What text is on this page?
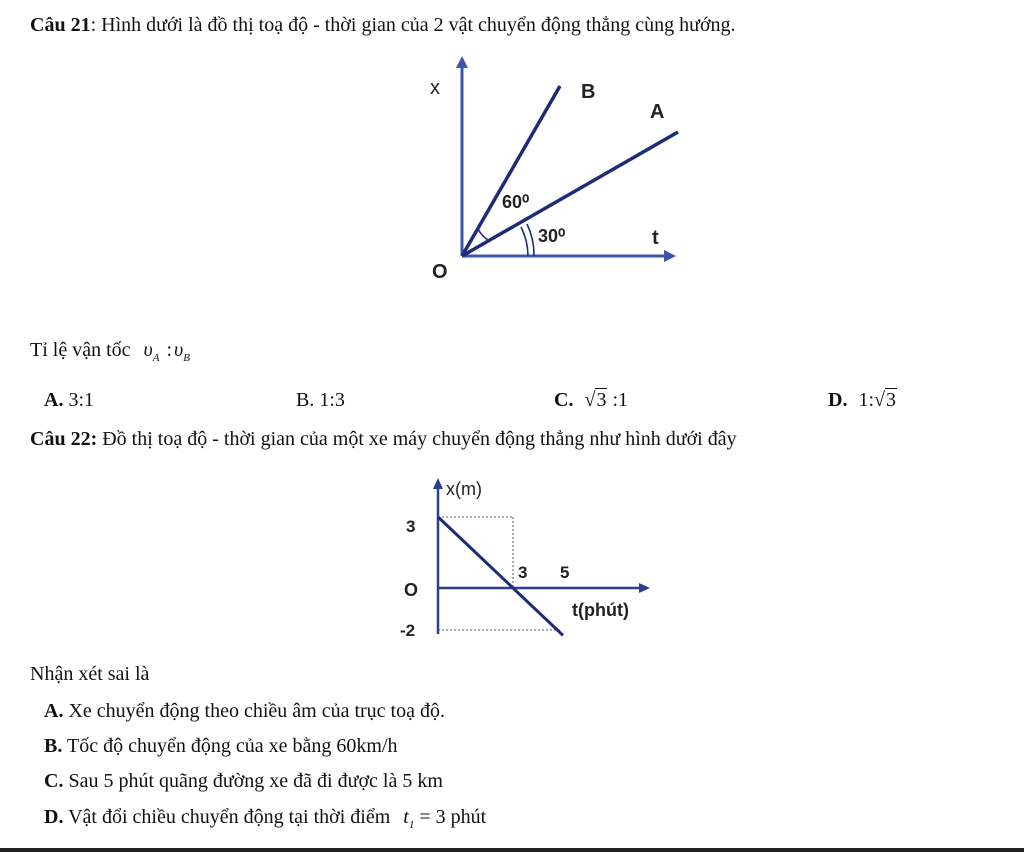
Câu 21: Hình dưới là đồ thị toạ độ - thời gian của 2 vật chuyển động thẳng cùng hướng.
x	B
A
60⁰
30⁰	t
O
Tỉ lệ vận tốc $\upsilon_A$ : $\upsilon_B$
A. 3:1	B. 1:3	C. √3 :1	D. 1:√3
Câu 22: Đồ thị toạ độ - thời gian của một xe máy chuyển động thẳng như hình dưới đây
x(m)
3
O
-2
3 5
t(phút)
Nhận xét sai là
A. Xe chuyển động theo chiều âm của trục toạ độ.
B. Tốc độ chuyển động của xe bằng 60km/h
C. Sau 5 phút quãng đường xe đã đi được là 5 km
D. Vật đổi chiều chuyển động tại thời điểm $t_1 = 3$ phút
